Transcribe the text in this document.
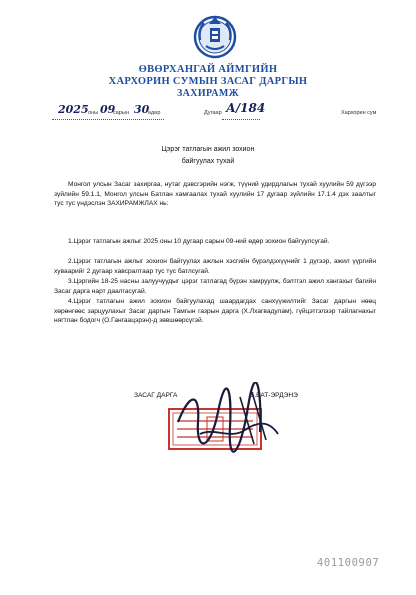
ӨВӨРХАНГАЙ АЙМГИЙН
ХАРХОРИН СУМЫН ЗАСАГ ДАРГЫН
ЗАХИРАМЖ
2025 оны 09
сарын 30
өдөр	Дугаар А/184	Хархорин сум
Цэрэг татлагын ажил зохион
байгуулах тухай

Монгол улсын Засаг захиргаа, нутаг дэвсгэрийн нэгж, түүний удирдлагын тухай хуулийн 59 дүгээр зүйлийн 59.1.1, Монгол улсын Батлан хамгаалах тухай хуулийн 17 дугаар зүйлийн 17.1.4 дэх заалтыг тус тус үндэслэн ЗАХИРАМЖЛАХ нь:

1.Цэрэг татлагын ажлыг 2025 оны 10 дугаар сарын 09-ний өдөр зохион байгуулсугай.

2.Цэрэг татлагын ажлыг зохион байгуулах ажлын хэсгийн бүрэлдэхүүнийг 1 дүгээр, ажил үүргийн хуваарийг 2 дугаар хавсралтаар тус тус батлсугай.

3.Цэргийн 18-25 насны залуучуудыг цэрэг татлагад бүрэн хамруулж, бэлтгэл ажил хангахыг багийн Засаг дарга нарт даалгасугай.

4.Цэрэг татлагын ажил зохион байгуулахад шаардагдах санхүүжилтийг Засаг даргын нөөц хөрөнгөөс зарцуулахыг Засаг даргын Тамгын газрын дарга (Х.Лхагвадулам), гүйцэтгэлээр тайлагнахыг нягтлан бодогч (О.Гангаацэрэн)-д зөвшөөрсүгэй.

ЗАСАГ ДАРГА	Б.БАТ-ЭРДЭНЭ
401100907
